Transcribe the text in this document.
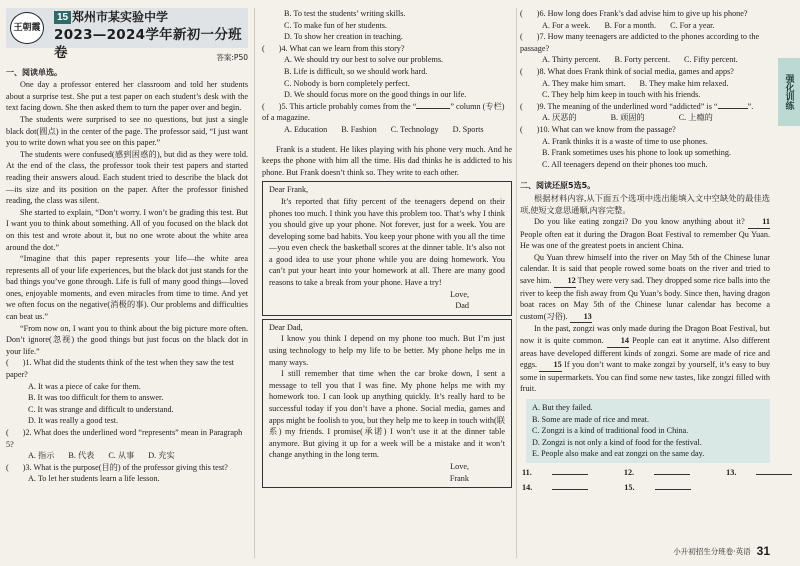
王朝霞
15 郑州市某实验中学
2023—2024学年新初一分班卷	答案:P50
一、阅读单选。

One day a professor entered her classroom and told her students about a surprise test. She put a test paper on each student’s desk with the text facing down. She then asked them to turn the paper over and begin.

The students were surprised to see no questions, but just a single black dot(圆点) in the center of the page. The professor said, “I just want you to write down what you see on this paper.”

The students were confused(感到困惑的), but did as they were told. At the end of the class, the professor took their test papers and started reading their answers aloud. Each student tried to describe the black dot—its size and its position on the paper. After the professor finished reading, the class was silent.

She started to explain, “Don’t worry. I won’t be grading this test. But I want you to think about something. All of you focused on the black dot on this test and wrote about it, but no one wrote about the white area around the dot.”

“Imagine that this paper represents your life—the white area represents all of your life experiences, but the black dot just stands for the bad things you’ve gone through. Life is full of many good things—loved ones, enjoyable moments, and even miracles from time to time. And yet we often focus on the negative(消极的事). Our problems and difficulties can beat us.”

“From now on, I want you to think about the big picture more often. Don’t ignore(忽视) the good things but just focus on the black dot in your life.”

( )1. What did the students think of the test when they saw the test paper?

A. It was a piece of cake for them.

B. It was too difficult for them to answer.

C. It was strange and difficult to understand.

D. It was really a good test.

( )2. What does the underlined word “represents” mean in Paragraph 5?

A. 指示 B. 代表 C. 从事 D. 充实

( )3. What is the purpose(目的) of the professor giving this test?

A. To let her students learn a life lesson.

B. To test the students’ writing skills.

C. To make fun of her students.

D. To show her creation in teaching.

( )4. What can we learn from this story?

A. We should try our best to solve our problems.

B. Life is difficult, so we should work hard.

C. Nobody is born completely perfect.

D. We should focus more on the good things in our life.

( )5. This article probably comes from the “	” column (专栏) of a magazine.

A. Education B. Fashion C. Technology D. Sports

Frank is a student. He likes playing with his phone very much. And he keeps the phone with him all the time. His dad thinks he is addicted to his phone. But Frank doesn’t think so. They write to each other.

Dear Frank,

It’s reported that fifty percent of the teenagers depend on their phones too much. I think you have this problem too. That’s why I think you should give up your phone. Not forever, just for a week. You are developing some bad habits. You keep your phone with you all the time—you even check the basketball scores at the dinner table. It’s also not a good idea to use your phone while you are doing homework. You can’t put your heart into your homework at all. There are many good reasons to take a break from your phone. Have a try!

Love,

Dad

Dear Dad,

I know you think I depend on my phone too much. But I’m just using technology to help my life to be better. My phone helps me in many ways.

I still remember that time when the car broke down, I sent a message to tell you that I was fine. My phone helps me with my homework too. I can look up anything quickly. It’s really hard to be successful today if you don’t have a phone. Social media, games and apps might be foolish to you, but they help me to keep in touch with(联系) my friends. I promise(承诺) I won’t use it at the dinner table anymore. But giving it up for a week will be a mistake and it won’t change anything in the long term.

Love,

Frank

( )6. How long does Frank’s dad advise him to give up his phone?

A. For a week. B. For a month. C. For a year.

( )7. How many teenagers are addicted to the phones according to the passage?

A. Thirty percent. B. Forty percent. C. Fifty percent.

( )8. What does Frank think of social media, games and apps?

A. They make him smart. B. They make him relaxed.

C. They help him keep in touch with his friends.

( )9. The meaning of the underlined word “addicted” is “	”.

A. 厌恶的	B. 顽固的	C. 上瘾的

( )10. What can we know from the passage?

A. Frank thinks it is a waste of time to use phones.

B. Frank sometimes uses his phone to look up something.

C. All teenagers depend on their phones too much.

二、阅读还原5选5。

根据材料内容,从下面五个选项中选出能填入文中空缺处的最佳选项,使短文意思通顺,内容完整。

Do you like eating zongzi? Do you know anything about it? 11 People often eat it during the Dragon Boat Festival to remember Qu Yuan. He was one of the greatest poets in ancient China.

Qu Yuan threw himself into the river on May 5th of the Chinese lunar calendar. It is said that people rowed some boats on the river and tried to save him. 12 They were very sad. They dropped some rice balls into the river to keep the fish away from Qu Yuan’s body. Since then, having dragon boat races on May 5th of the Chinese lunar calendar has become a custom(习俗). 13

In the past, zongzi was only made during the Dragon Boat Festival, but now it is quite common. 14 People can eat it anytime. Also different areas have developed different kinds of zongzi. Some are made of rice and eggs. 15 If you don’t want to make zongzi by yourself, it’s easy to buy some in supermarkets. You can find some new tastes, like zongzi filled with fruit.

A. But they failed.

B. Some are made of rice and meat.

C. Zongzi is a kind of traditional food in China.

D. Zongzi is not only a kind of food for the festival.

E. People also make and eat zongzi on the same day.

11.	12.	13.
14.	15.
强化训练
小升初招生分班卷·英语 31
